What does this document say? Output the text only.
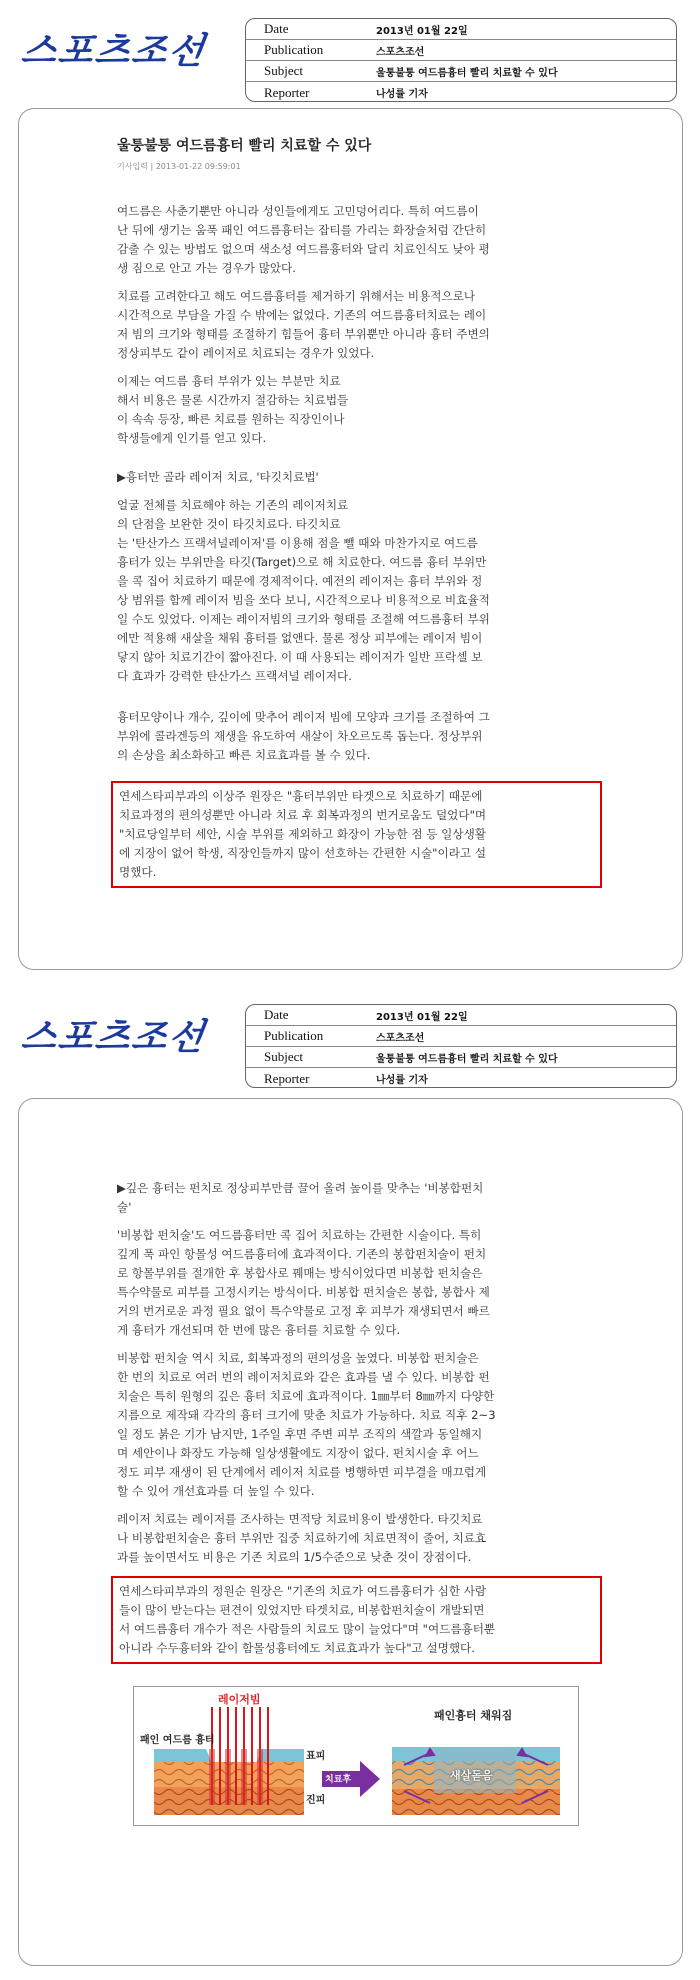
스포츠조선
Date	2013년 01월 22일
Publication	스포츠조선
Subject	울퉁불퉁 여드름흉터 빨리 치료할 수 있다
Reporter	나성률 기자
울퉁불퉁 여드름흉터 빨리 치료할 수 있다
기사입력 | 2013-01-22 09:59:01

여드름은 사춘기뿐만 아니라 성인들에게도 고민덩어리다. 특히 여드름이
난 뒤에 생기는 움푹 패인 여드름흉터는 잡티를 가리는 화장술처럼 간단히
감출 수 있는 방법도 없으며 색소성 여드름흉터와 달리 치료인식도 낮아 평
생 짐으로 안고 가는 경우가 많았다.

치료를 고려한다고 해도 여드름흉터를 제거하기 위해서는 비용적으로나
시간적으로 부담을 가질 수 밖에는 없었다. 기존의 여드름흉터치료는 레이
저 빔의 크기와 형태를 조절하기 힘들어 흉터 부위뿐만 아니라 흉터 주변의
정상피부도 같이 레이저로 치료되는 경우가 있었다.

이제는 여드름 흉터 부위가 있는 부분만 치료
해서 비용은 물론 시간까지 절감하는 치료법들
이 속속 등장, 빠른 치료를 원하는 직장인이나
학생들에게 인기를 얻고 있다.

▶흉터만 골라 레이저 치료, '타깃치료법'

얼굴 전체를 치료해야 하는 기존의 레이저치료
의 단점을 보완한 것이 타깃치료다. 타깃치료
는 '탄산가스 프랙셔널레이저'를 이용해 점을 뺄 때와 마찬가지로 여드름
흉터가 있는 부위만을 타깃(Target)으로 해 치료한다. 여드름 흉터 부위만
을 콕 집어 치료하기 때문에 경제적이다. 예전의 레이저는 흉터 부위와 정
상 범위를 함께 레이저 빔을 쏘다 보니, 시간적으로나 비용적으로 비효율적
일 수도 있었다. 이제는 레이저빔의 크기와 형태를 조절해 여드름흉터 부위
에만 적용해 새살을 채워 흉터를 없앤다. 물론 정상 피부에는 레이저 빔이
닿지 않아 치료기간이 짧아진다. 이 때 사용되는 레이저가 일반 프락셀 보
다 효과가 강력한 탄산가스 프랙셔널 레이저다.

흉터모양이나 개수, 깊이에 맞추어 레이저 빔에 모양과 크기를 조절하여 그
부위에 콜라겐등의 재생을 유도하여 새살이 차오르도록 돕는다. 정상부위
의 손상을 최소화하고 빠른 치료효과를 볼 수 있다.

연세스타피부과의 이상주 원장은 "흉터부위만 타겟으로 치료하기 때문에
치료과정의 편의성뿐만 아니라 치료 후 회복과정의 번거로움도 덜었다"며
"치료당일부터 세안, 시술 부위를 제외하고 화장이 가능한 점 등 일상생활
에 지장이 없어 학생, 직장인들까지 많이 선호하는 간편한 시술"이라고 설
명했다.

스포츠조선
Date	2013년 01월 22일
Publication	스포츠조선
Subject	울퉁불퉁 여드름흉터 빨리 치료할 수 있다
Reporter	나성률 기자

▶깊은 흉터는 펀치로 정상피부만큼 끌어 올려 높이를 맞추는 '비봉합펀치
술'

'비봉합 펀치술'도 여드름흉터만 콕 집어 치료하는 간편한 시술이다. 특히
깊게 푹 파인 항몰성 여드름흉터에 효과적이다. 기존의 봉합펀치술이 펀치
로 항몰부위를 절개한 후 봉합사로 꿰매는 방식이었다면 비봉합 펀치술은
특수약물로 피부를 고정시키는 방식이다. 비봉합 펀치술은 봉합, 봉합사 제
거의 번거로운 과정 필요 없이 특수약물로 고정 후 피부가 재생되면서 빠르
게 흉터가 개선되며 한 번에 많은 흉터를 치료할 수 있다.

비봉합 펀치술 역시 치료, 회복과정의 편의성을 높였다. 비봉합 펀치술은
한 번의 치료로 여러 번의 레이저치료와 같은 효과를 낼 수 있다. 비봉합 펀
치술은 특히 원형의 깊은 흉터 치료에 효과적이다. 1㎜부터 8㎜까지 다양한
지름으로 제작돼 각각의 흉터 크기에 맞춘 치료가 가능하다. 치료 직후 2~3
일 정도 붉은 기가 남지만, 1주일 후면 주변 피부 조직의 색깔과 동일해지
며 세안이나 화장도 가능해 일상생활에도 지장이 없다. 펀치시술 후 어느
정도 피부 재생이 된 단계에서 레이저 치료를 병행하면 피부결을 매끄럽게
할 수 있어 개선효과를 더 높일 수 있다.

레이저 치료는 레이저를 조사하는 면적당 치료비용이 발생한다. 타깃치료
나 비봉합펀치술은 흉터 부위만 집중 치료하기에 치료면적이 줄어, 치료효
과를 높이면서도 비용은 기존 치료의 1/5수준으로 낮춘 것이 장점이다.

연세스타피부과의 정원순 원장은 "기존의 치료가 여드름흉터가 심한 사람
들이 많이 받는다는 편견이 있었지만 타겟치료, 비봉합펀치술이 개발되면
서 여드름흉터 개수가 적은 사람들의 치료도 많이 늘었다"며 "여드름흉터뿐
아니라 수두흉터와 같이 함몰성흉터에도 치료효과가 높다"고 설명했다.

레이저빔
패인 여드름 흉터
표피
진피
치료후
패인흉터 채워짐
새살돋음
